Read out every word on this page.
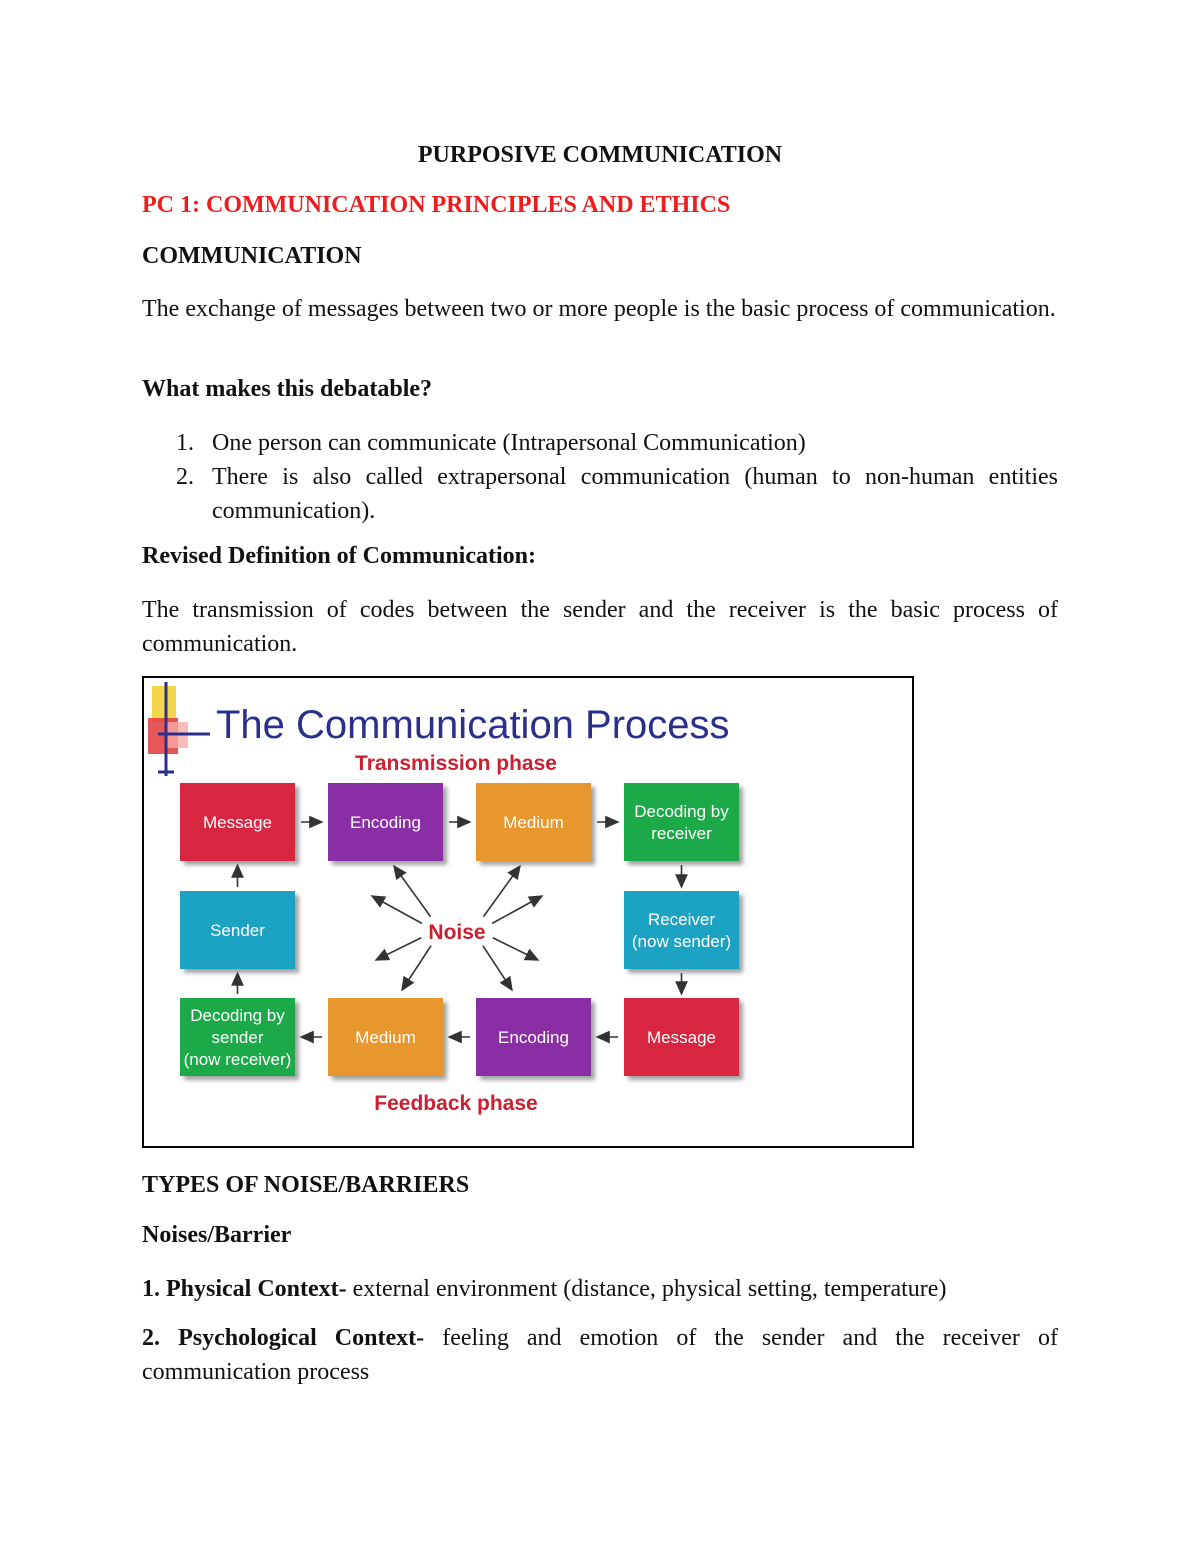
PURPOSIVE COMMUNICATION
PC 1: COMMUNICATION PRINCIPLES AND ETHICS
COMMUNICATION
The exchange of messages between two or more people is the basic process of communication.
What makes this debatable?
1. One person can communicate (Intrapersonal Communication)
2. There is also called extrapersonal communication (human to non-human entities communication).
Revised Definition of Communication:
The transmission of codes between the sender and the receiver is the basic process of communication.
TYPES OF NOISE/BARRIERS
Noises/Barrier
1. Physical Context- external environment (distance, physical setting, temperature)
2. Psychological Context- feeling and emotion of the sender and the receiver of communication process
The Communication Process
Transmission phase
Feedback phase
Noise
Message	Encoding	Medium
Decoding by
receiver
Sender
Receiver
(now sender)
Decoding by
sender
(now receiver)
Medium	Encoding	Message
